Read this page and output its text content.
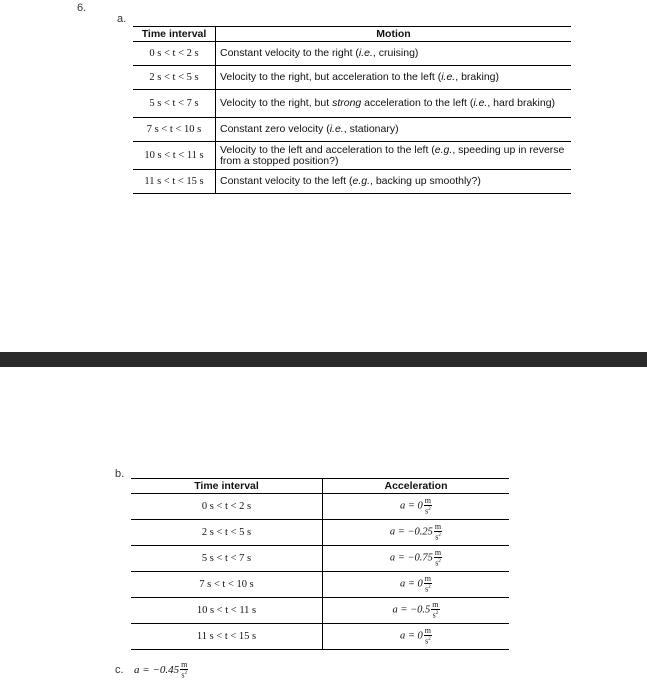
6.
a.
Time interval	Motion
0 s < t < 2 s	Constant velocity to the right (i.e., cruising)
2 s < t < 5 s	Velocity to the right, but acceleration to the left (i.e., braking)
5 s < t < 7 s	Velocity to the right, but strong acceleration to the left (i.e., hard braking)
7 s < t < 10 s	Constant zero velocity (i.e., stationary)
10 s < t < 11 s	Velocity to the left and acceleration to the left (e.g., speeding up in reverse from a stopped position?)
11 s < t < 15 s	Constant velocity to the left (e.g., backing up smoothly?)
b.
Time interval	Acceleration
0 s < t < 2 s	$a = 0 \frac{m}{s^2}$

2 s < t < 5 s	$a = -0.25 \frac{m}{s^2}$

5 s < t < 7 s	$a = -0.75 \frac{m}{s^2}$

7 s < t < 10 s	$a = 0 \frac{m}{s^2}$

10 s < t < 11 s	$a = -0.5 \frac{m}{s^2}$

11 s < t < 15 s	$a = 0 \frac{m}{s^2}$
c. $a = -0.45 \frac{m}{s^2}$
